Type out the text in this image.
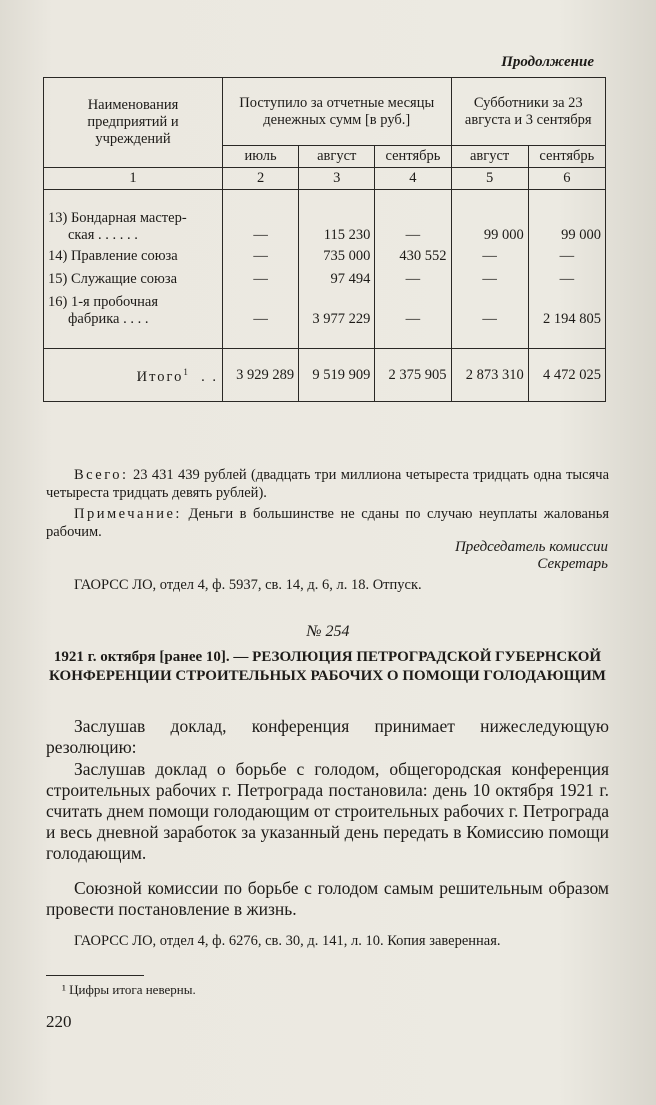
Продолжение
Наименования предприятий и учреждений	Поступило за отчетные месяцы денежных сумм [в руб.]			Субботники за 23 августа и 3 сентября	
	июль	август	сентябрь	август	сентябрь
1	2	3	4	5	6

13) Бондарная мастер-
ская . . . . . .	—	115 230	—	99 000	99 000
14) Правление союза	—	735 000	430 552	—	—
15) Служащие союза	—	97 494	—	—	—

16) 1-я пробочная
фабрика . . . .	—	3 977 229	—	—	2 194 805

Итого$^1$ . .	3 929 289	9 519 909	2 375 905	2 873 310	4 472 025
Всего: 23 431 439 рублей (двадцать три миллиона четыреста тридцать одна тысяча четыреста тридцать девять рублей).
Примечание: Деньги в большинстве не сданы по случаю неуплаты жалованья рабочим.
Председатель комиссии
Секретарь
ГАОРСС ЛО, отдел 4, ф. 5937, св. 14, д. 6, л. 18. Отпуск.
№ 254
1921 г. октября [ранее 10]. — РЕЗОЛЮЦИЯ ПЕТРОГРАДСКОЙ ГУБЕРНСКОЙ КОНФЕРЕНЦИИ СТРОИТЕЛЬНЫХ РАБОЧИХ О ПОМОЩИ ГОЛОДАЮЩИМ
Заслушав доклад, конференция принимает нижеследующую резолюцию:
Заслушав доклад о борьбе с голодом, общегородская конференция строительных рабочих г. Петрограда постановила: день 10 октября 1921 г. считать днем помощи голодающим от строительных рабочих г. Петрограда и весь дневной заработок за указанный день передать в Комиссию помощи голодающим.
Союзной комиссии по борьбе с голодом самым решительным образом провести постановление в жизнь.
ГАОРСС ЛО, отдел 4, ф. 6276, св. 30, д. 141, л. 10. Копия заверенная.
¹ Цифры итога неверны.
220
